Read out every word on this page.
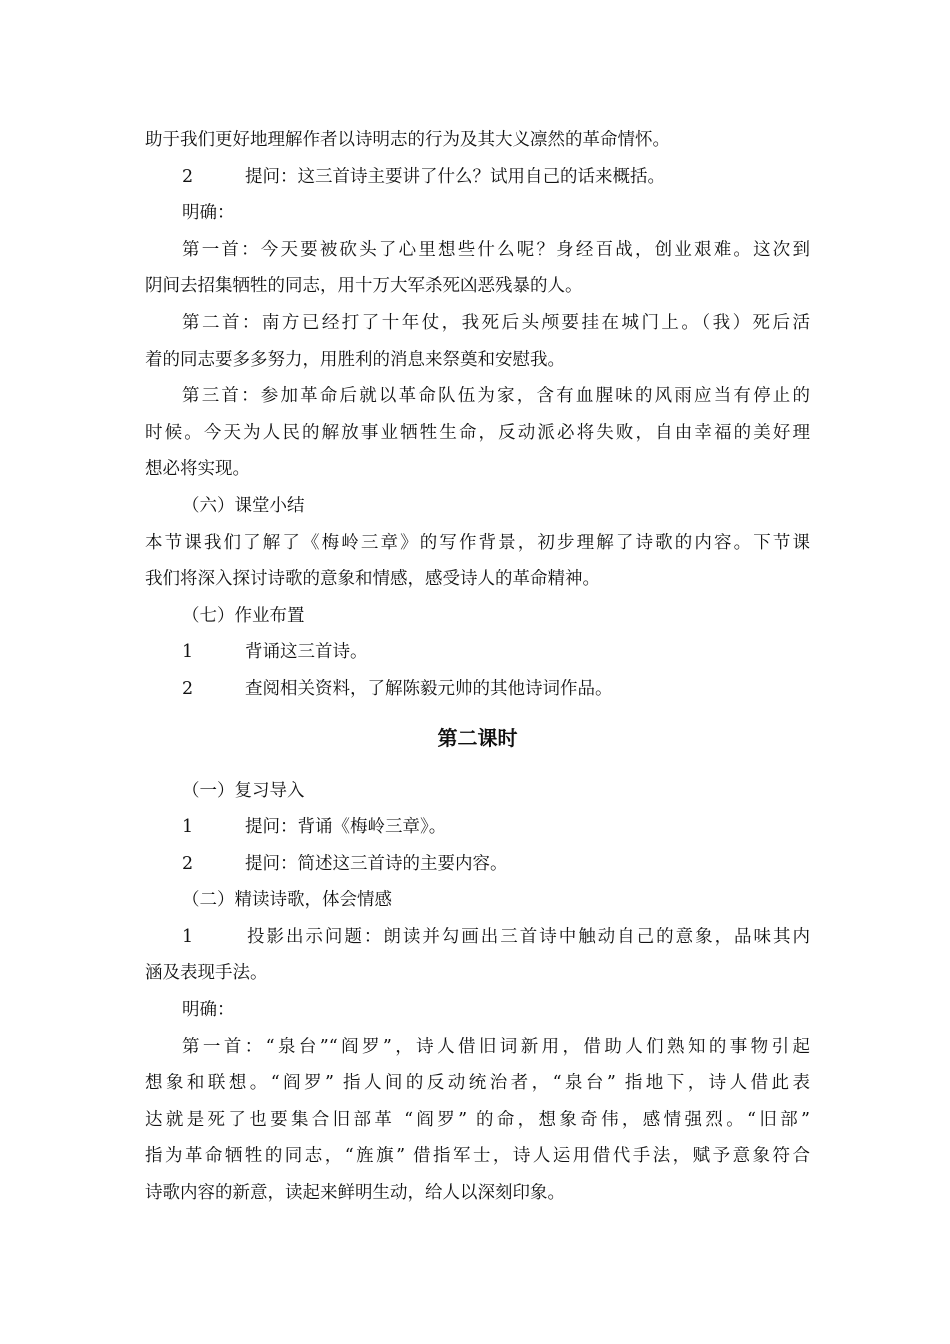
助于我们更好地理解作者以诗明志的行为及其大义凛然的革命情怀。
2	提问：这三首诗主要讲了什么？试用自己的话来概括。
明确：
第一首：今天要被砍头了心里想些什么呢？身经百战，创业艰难。这次到
阴间去招集牺牲的同志，用十万大军杀死凶恶残暴的人。
第二首：南方已经打了十年仗，我死后头颅要挂在城门上。（我）死后活
着的同志要多多努力，用胜利的消息来祭奠和安慰我。
第三首：参加革命后就以革命队伍为家，含有血腥味的风雨应当有停止的
时候。今天为人民的解放事业牺牲生命，反动派必将失败，自由幸福的美好理
想必将实现。
（六）课堂小结
本节课我们了解了《梅岭三章》的写作背景，初步理解了诗歌的内容。下节课
我们将深入探讨诗歌的意象和情感，感受诗人的革命精神。
（七）作业布置
1	背诵这三首诗。
2	查阅相关资料，了解陈毅元帅的其他诗词作品。
第二课时
（一）复习导入
1	提问：背诵《梅岭三章》。
2	提问：简述这三首诗的主要内容。
（二）精读诗歌，体会情感
1	投影出示问题：朗读并勾画出三首诗中触动自己的意象，品味其内
涵及表现手法。
明确：
第一首：“泉台”“阎罗”，诗人借旧词新用，借助人们熟知的事物引起
想象和联想。“阎罗” 指人间的反动统治者，“泉台” 指地下，诗人借此表
达就是死了也要集合旧部革 “阎罗” 的命，想象奇伟，感情强烈。“旧部”
指为革命牺牲的同志，“旌旗” 借指军士，诗人运用借代手法，赋予意象符合
诗歌内容的新意，读起来鲜明生动，给人以深刻印象。
